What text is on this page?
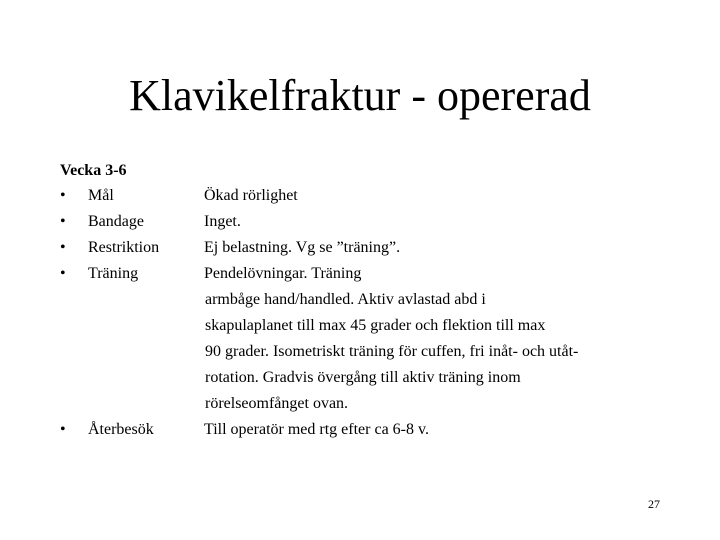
Klavikelfraktur - opererad
Vecka 3-6
• Mål	Ökad rörlighet
• Bandage	Inget.
• Restriktion	Ej belastning. Vg se ”träning”.
• Träning	Pendelövningar. Träning
armbåge hand/handled. Aktiv avlastad abd i
skapulaplanet till max 45 grader och flektion till max
90 grader. Isometriskt träning för cuffen, fri inåt- och utåt-
rotation. Gradvis övergång till aktiv träning inom
rörelseomfånget ovan.
• Återbesök	Till operatör med rtg efter ca 6-8 v.
27
